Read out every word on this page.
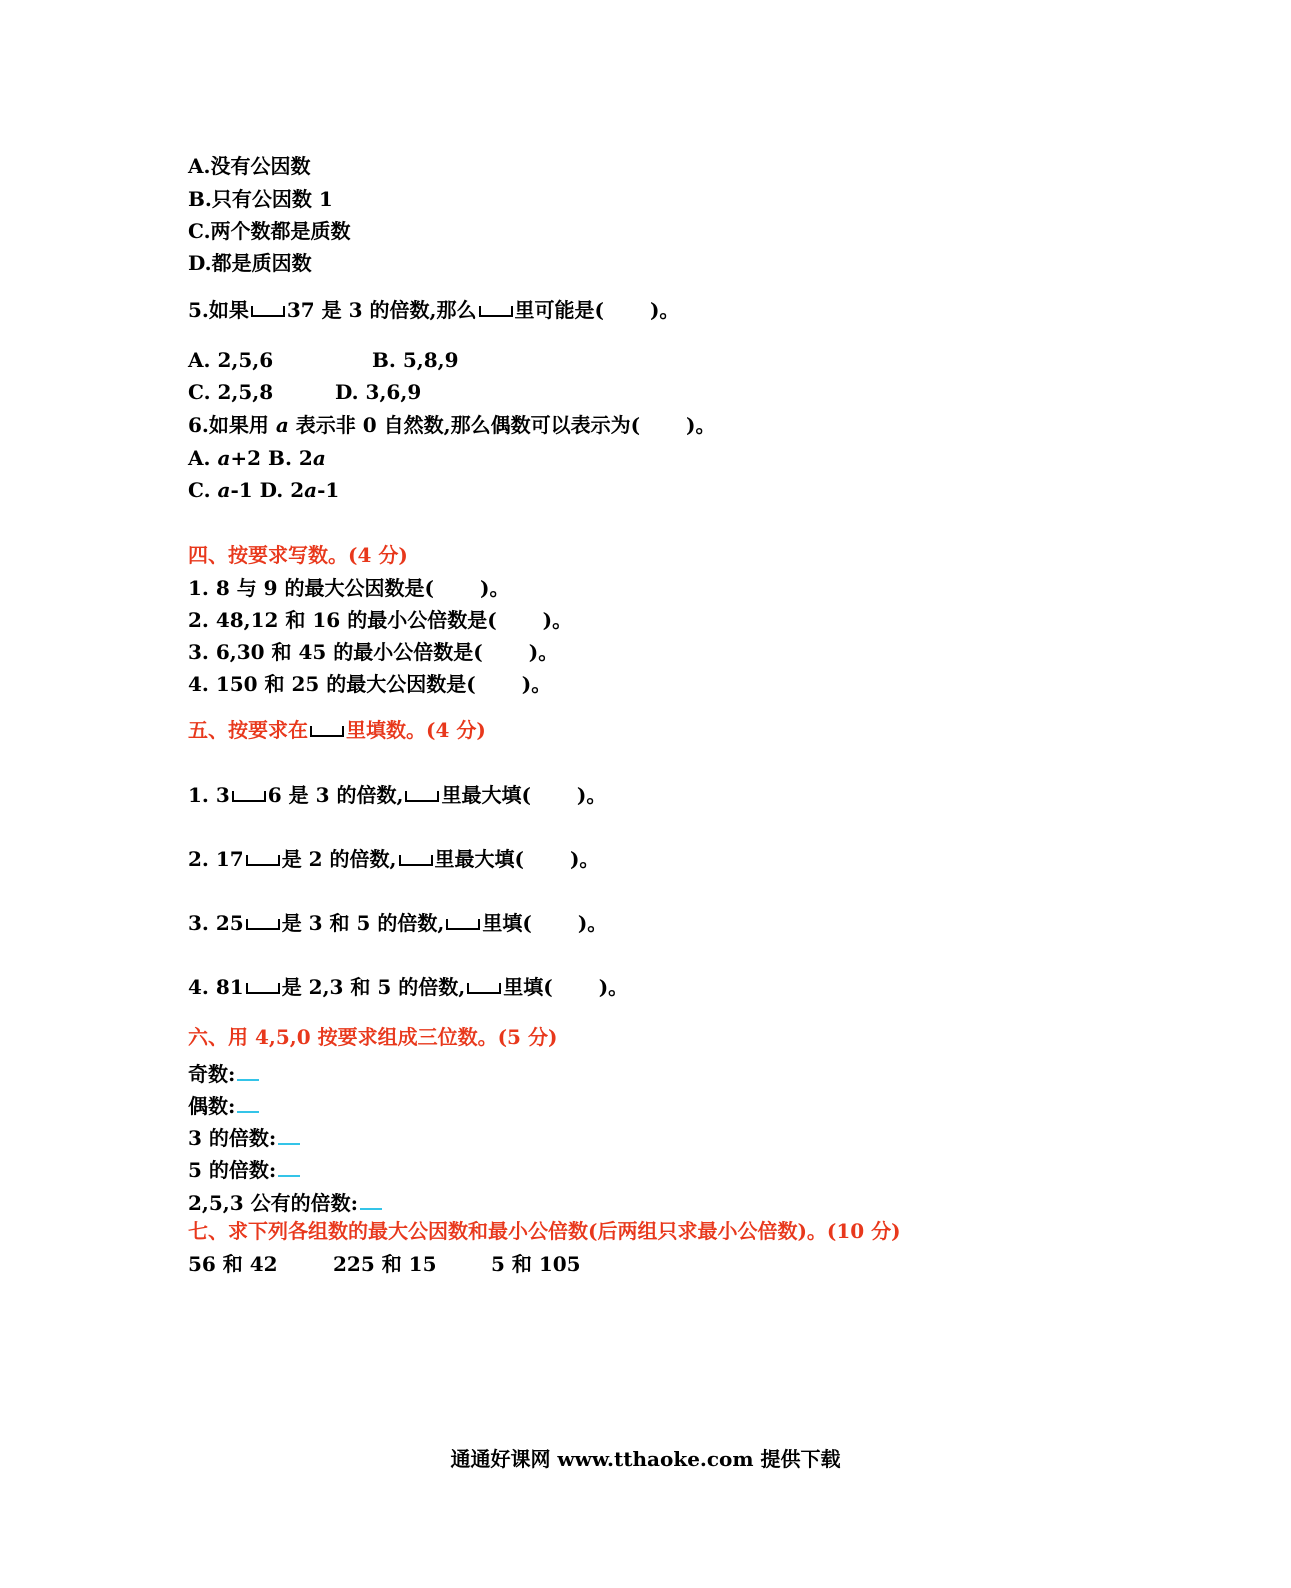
A.没有公因数
B.只有公因数 1
C.两个数都是质数
D.都是质因数
5.如果 37 是 3 的倍数,那么 里可能是( )。
A. 2,5,6	B. 5,8,9
C. 2,5,8	D. 3,6,9
6.如果用 a 表示非 0 自然数,那么偶数可以表示为( )。
A. a+2 B. 2a
C. a-1 D. 2a-1
四、按要求写数。(4 分)
1. 8 与 9 的最大公因数是( )。
2. 48,12 和 16 的最小公倍数是( )。
3. 6,30 和 45 的最小公倍数是( )。
4. 150 和 25 的最大公因数是( )。
五、按要求在 里填数。(4 分)
1. 3 6 是 3 的倍数, 里最大填( )。
2. 17 是 2 的倍数, 里最大填( )。
3. 25 是 3 和 5 的倍数, 里填( )。
4. 81 是 2,3 和 5 的倍数, 里填( )。
六、用 4,5,0 按要求组成三位数。(5 分)
奇数:
偶数:
3 的倍数:
5 的倍数:
2,5,3 公有的倍数:
七、求下列各组数的最大公因数和最小公倍数(后两组只求最小公倍数)。(10 分)
56 和 42	225 和 15	5 和 105
通通好课网 www.tthaoke.com 提供下载
